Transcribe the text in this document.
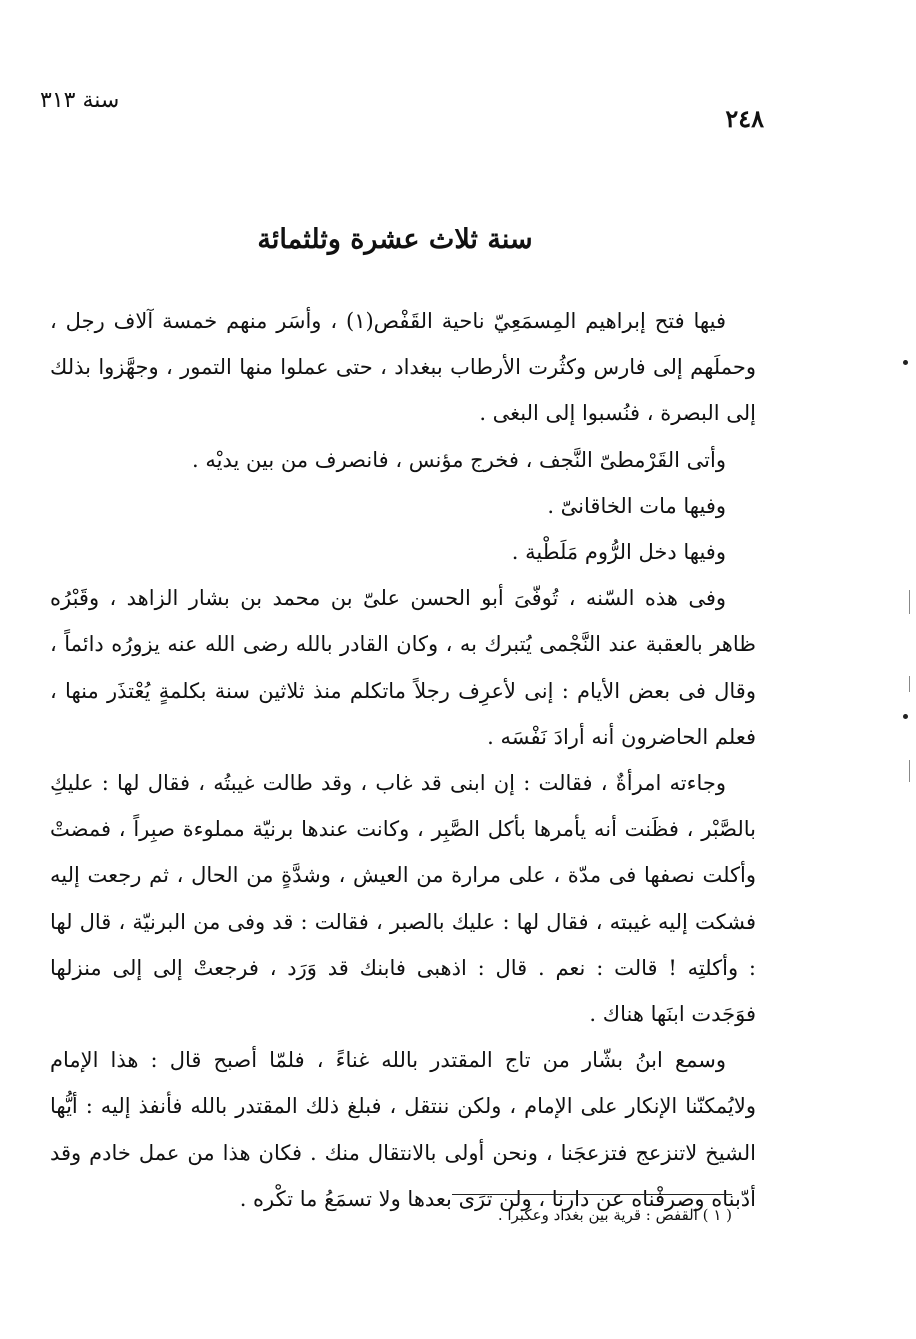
سنة ٣١٣
٢٤٨
سنة ثلاث عشرة وثلثمائة

فيها فتح إبراهيم المِسمَعِيّ ناحية القَفْص(١) ، وأسَر منهم خمسة آلاف رجل ، وحملَهم إلى فارس وكثُرت الأرطاب ببغداد ، حتى عملوا منها التمور ، وجهَّزوا بذلك إلى البصرة ، فنُسبوا إلى البغى .

وأتى القَرْمطىّ النَّجف ، فخرج مؤنس ، فانصرف من بين يديْه .

وفيها مات الخاقانىّ .

وفيها دخل الرُّوم مَلَطْية .

وفى هذه السّنه ، تُوفّىَ أبو الحسن علىّ بن محمد بن بشار الزاهد ، وقَبْرُه ظاهر بالعقبة عند النَّجْمى يُتبرك به ، وكان القادر بالله رضى الله عنه يزورُه دائماً ، وقال فى بعض الأيام : إنى لأعرِف رجلاً ماتكلم منذ ثلاثين سنة بكلمةٍ يُعْتذَر منها ، فعلم الحاضرون أنه أرادَ نَفْسَه .

وجاءته امرأةٌ ، فقالت : إن ابنى قد غاب ، وقد طالت غيبتُه ، فقال لها : عليكِ بالصَّبْر ، فظَنت أنه يأمرها بأكل الصَّبِر ، وكانت عندها برنيّة مملوءة صبِراً ، فمضتْ وأكلت نصفها فى مدّة ، على مرارة من العيش ، وشدَّةٍ من الحال ، ثم رجعت إليه فشكت إليه غيبته ، فقال لها : عليك بالصبر ، فقالت : قد وفى من البرنيّة ، قال لها : وأكلتِه ! قالت : نعم . قال : اذهبى فابنك قد وَرَد ، فرجعتْ إلى إلى منزلها فوَجَدت ابنَها هناك .

وسمع ابنُ بشّار من تاج المقتدر بالله غناءً ، فلمّا أصبح قال : هذا الإمام ولايُمكنّنا الإنكار على الإمام ، ولكن ننتقل ، فبلغ ذلك المقتدر بالله فأنفذ إليه : أيُّها الشيخ لاتنزعج فتزعجَنا ، ونحن أولى بالانتقال منك . فكان هذا من عمل خادم وقد أدّبناه وصرفْناه عن دارنا ، ولن ترَى بعدها ولا تسمَعُ ما تكْره .

( ١ ) القفص : قرية بين بغداد وعكبرا .
